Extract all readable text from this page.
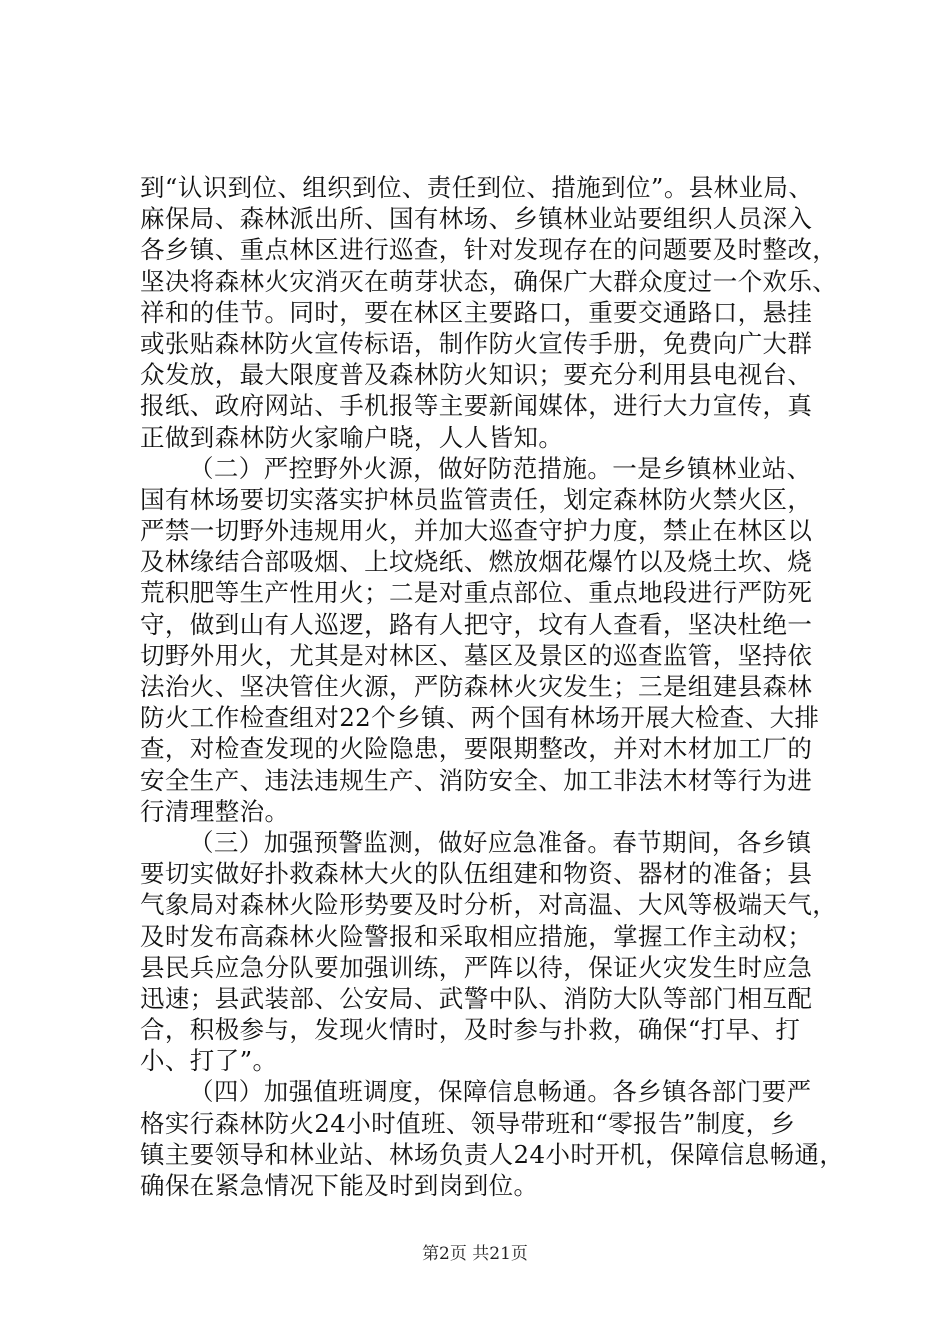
到“认识到位、组织到位、责任到位、措施到位”。县林业局、
麻保局、森林派出所、国有林场、乡镇林业站要组织人员深入
各乡镇、重点林区进行巡查，针对发现存在的问题要及时整改，
坚决将森林火灾消灭在萌芽状态，确保广大群众度过一个欢乐、
祥和的佳节。同时，要在林区主要路口，重要交通路口，悬挂
或张贴森林防火宣传标语，制作防火宣传手册，免费向广大群
众发放，最大限度普及森林防火知识；要充分利用县电视台、
报纸、政府网站、手机报等主要新闻媒体，进行大力宣传，真
正做到森林防火家喻户晓，人人皆知。
（二）严控野外火源，做好防范措施。一是乡镇林业站、
国有林场要切实落实护林员监管责任，划定森林防火禁火区，
严禁一切野外违规用火，并加大巡查守护力度，禁止在林区以
及林缘结合部吸烟、上坟烧纸、燃放烟花爆竹以及烧土坎、烧
荒积肥等生产性用火；二是对重点部位、重点地段进行严防死
守，做到山有人巡逻，路有人把守，坟有人查看，坚决杜绝一
切野外用火，尤其是对林区、墓区及景区的巡查监管，坚持依
法治火、坚决管住火源，严防森林火灾发生；三是组建县森林
防火工作检查组对22个乡镇、两个国有林场开展大检查、大排
查，对检查发现的火险隐患，要限期整改，并对木材加工厂的
安全生产、违法违规生产、消防安全、加工非法木材等行为进
行清理整治。
（三）加强预警监测，做好应急准备。春节期间，各乡镇
要切实做好扑救森林大火的队伍组建和物资、器材的准备；县
气象局对森林火险形势要及时分析，对高温、大风等极端天气，
及时发布高森林火险警报和采取相应措施，掌握工作主动权；
县民兵应急分队要加强训练，严阵以待，保证火灾发生时应急
迅速；县武装部、公安局、武警中队、消防大队等部门相互配
合，积极参与，发现火情时，及时参与扑救，确保“打早、打
小、打了”。
（四）加强值班调度，保障信息畅通。各乡镇各部门要严
格实行森林防火24小时值班、领导带班和“零报告”制度，乡
镇主要领导和林业站、林场负责人24小时开机，保障信息畅通，
确保在紧急情况下能及时到岗到位。
第2页 共21页
